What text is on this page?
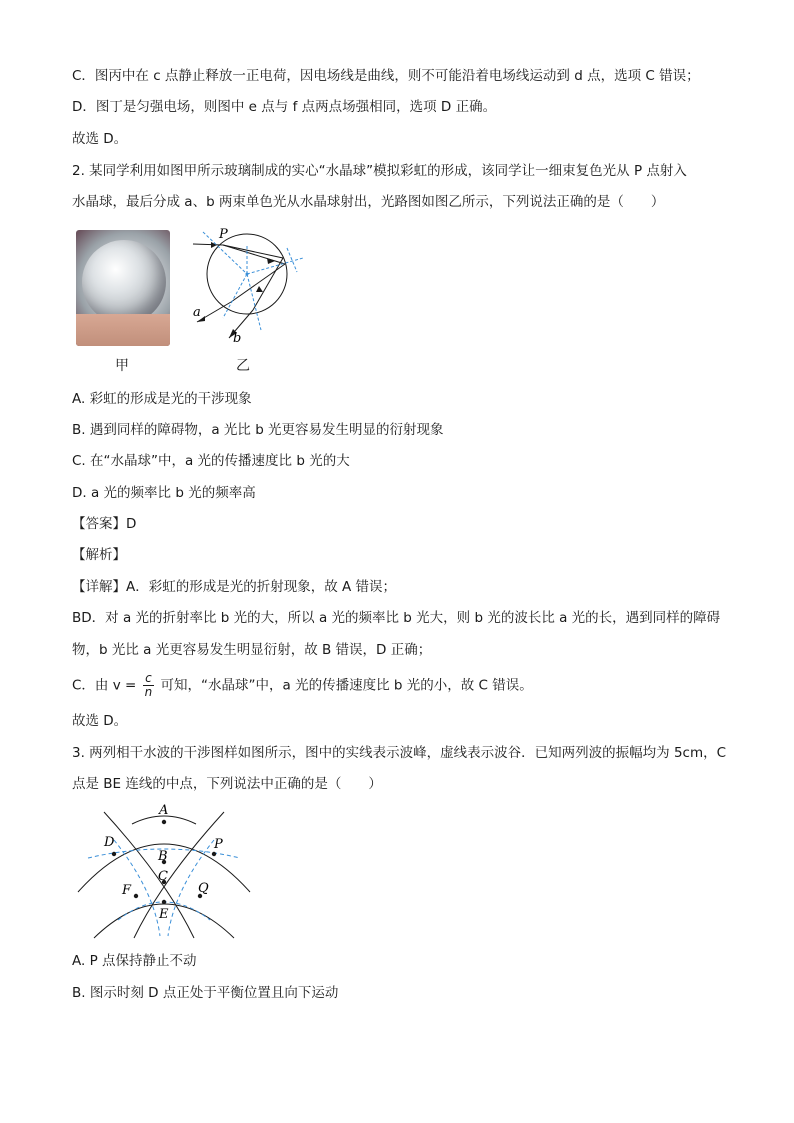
C．图丙中在 c 点静止释放一正电荷，因电场线是曲线，则不可能沿着电场线运动到 d 点，选项 C 错误；
D．图丁是匀强电场，则图中 e 点与 f 点两点场强相同，选项 D 正确。
故选 D。
2. 某同学利用如图甲所示玻璃制成的实心“水晶球”模拟彩虹的形成，该同学让一细束复色光从 P 点射入
水晶球，最后分成 a、b 两束单色光从水晶球射出，光路图如图乙所示，下列说法正确的是（　　）
甲
P
a
b
乙
A. 彩虹的形成是光的干涉现象
B. 遇到同样的障碍物，a 光比 b 光更容易发生明显的衍射现象
C. 在“水晶球”中，a 光的传播速度比 b 光的大
D. a 光的频率比 b 光的频率高
【答案】D
【解析】
【详解】A．彩虹的形成是光的折射现象，故 A 错误；
BD．对 a 光的折射率比 b 光的大，所以 a 光的频率比 b 光大，则 b 光的波长比 a 光的长，遇到同样的障碍
物，b 光比 a 光更容易发生明显衍射，故 B 错误，D 正确；
C．由 $v = \frac{c}{n}$ 可知，“水晶球”中，a 光的传播速度比 b 光的小，故 C 错误。
故选 D。
3. 两列相干水波的干涉图样如图所示，图中的实线表示波峰，虚线表示波谷．已知两列波的振幅均为 5cm，C
点是 BE 连线的中点，下列说法中正确的是（　　）
A
D	P
B
F
C
Q
E
A. P 点保持静止不动
B. 图示时刻 D 点正处于平衡位置且向下运动
